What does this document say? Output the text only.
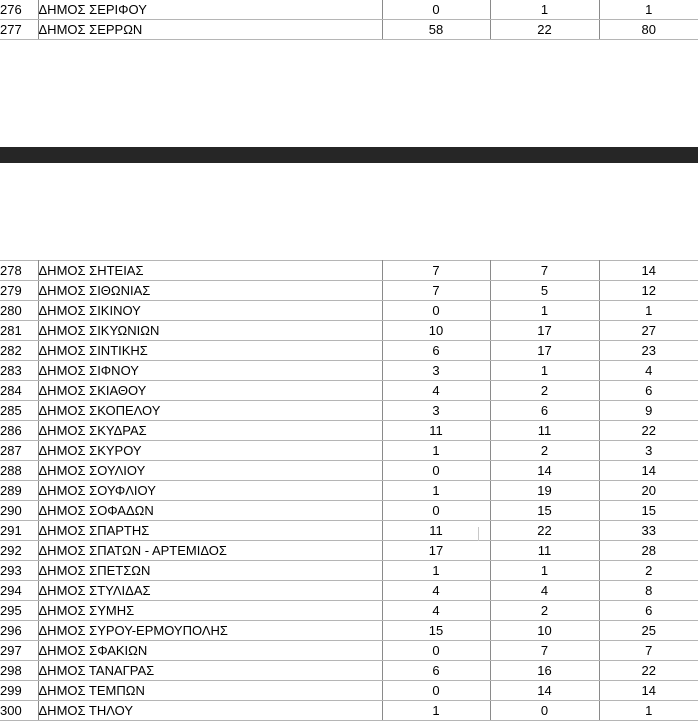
276	ΔΗΜΟΣ ΣΕΡΙΦΟΥ	0	1	1
277	ΔΗΜΟΣ ΣΕΡΡΩΝ	58	22	80
278	ΔΗΜΟΣ ΣΗΤΕΙΑΣ	7	7	14
279	ΔΗΜΟΣ ΣΙΘΩΝΙΑΣ	7	5	12
280	ΔΗΜΟΣ ΣΙΚΙΝΟΥ	0	1	1
281	ΔΗΜΟΣ ΣΙΚΥΩΝΙΩΝ	10	17	27
282	ΔΗΜΟΣ ΣΙΝΤΙΚΗΣ	6	17	23
283	ΔΗΜΟΣ ΣΙΦΝΟΥ	3	1	4
284	ΔΗΜΟΣ ΣΚΙΑΘΟΥ	4	2	6
285	ΔΗΜΟΣ ΣΚΟΠΕΛΟΥ	3	6	9
286	ΔΗΜΟΣ ΣΚΥΔΡΑΣ	11	11	22
287	ΔΗΜΟΣ ΣΚΥΡΟΥ	1	2	3
288	ΔΗΜΟΣ ΣΟΥΛΙΟΥ	0	14	14
289	ΔΗΜΟΣ ΣΟΥΦΛΙΟΥ	1	19	20
290	ΔΗΜΟΣ ΣΟΦΑΔΩΝ	0	15	15
291	ΔΗΜΟΣ ΣΠΑΡΤΗΣ	11	22	33
292	ΔΗΜΟΣ ΣΠΑΤΩΝ - ΑΡΤΕΜΙΔΟΣ	17	11	28
293	ΔΗΜΟΣ ΣΠΕΤΣΩΝ	1	1	2
294	ΔΗΜΟΣ ΣΤΥΛΙΔΑΣ	4	4	8
295	ΔΗΜΟΣ ΣΥΜΗΣ	4	2	6
296	ΔΗΜΟΣ ΣΥΡΟΥ-ΕΡΜΟΥΠΟΛΗΣ	15	10	25
297	ΔΗΜΟΣ ΣΦΑΚΙΩΝ	0	7	7
298	ΔΗΜΟΣ ΤΑΝΑΓΡΑΣ	6	16	22
299	ΔΗΜΟΣ ΤΕΜΠΩΝ	0	14	14
300	ΔΗΜΟΣ ΤΗΛΟΥ	1	0	1
